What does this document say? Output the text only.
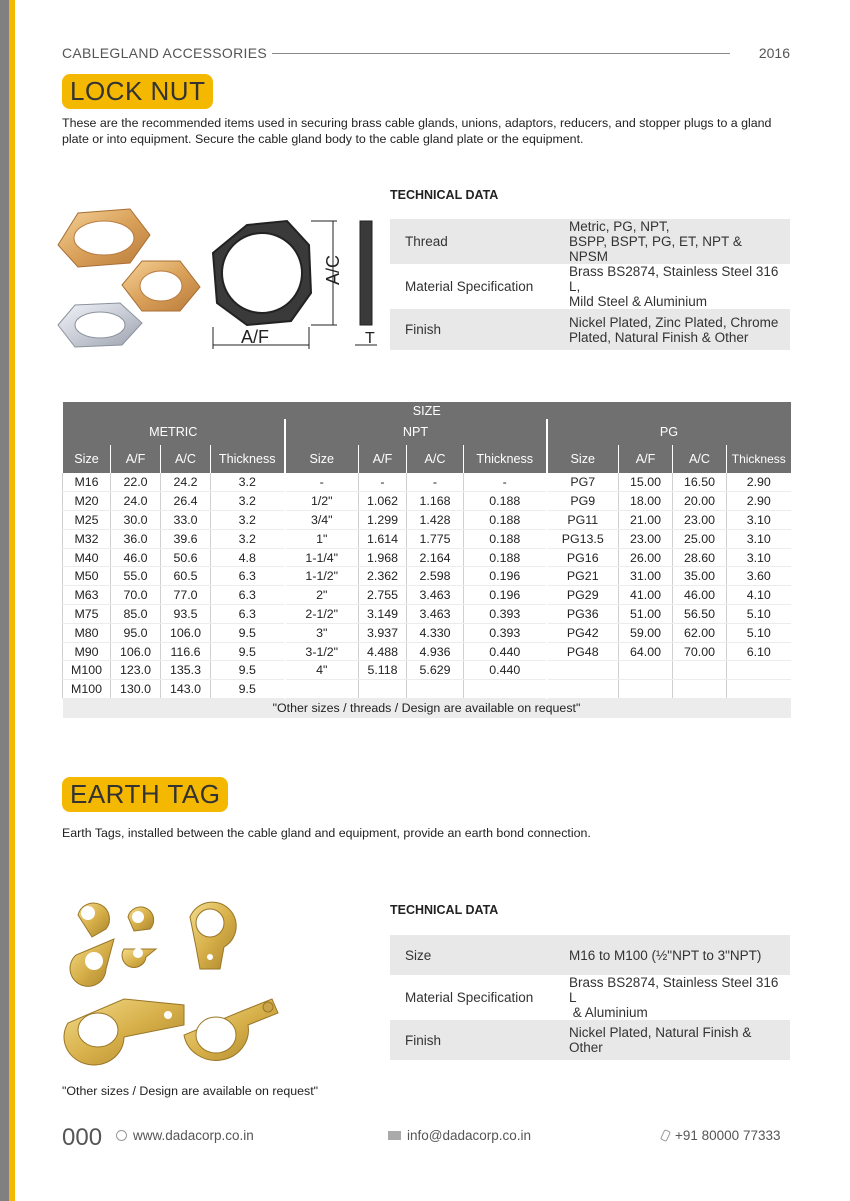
CABLEGLAND ACCESSORIES	2016
LOCK NUT
These are the recommended items used in securing brass cable glands, unions, adaptors, reducers, and stopper plugs to a gland plate or into equipment. Secure the cable gland body to the cable gland plate or the equipment.
A/F
A/C
T
TECHNICAL DATA
Thread	Metric, PG, NPT,
BSPP, BSPT, PG, ET, NPT & NPSM

Material Specification	Brass BS2874, Stainless Steel 316 L,
Mild Steel & Aluminium

Finish	Nickel Plated, Zinc Plated, Chrome
Plated, Natural Finish & Other
SIZE											
METRIC				NPT				PG			
Size	A/F	A/C	Thickness	Size	A/F	A/C	Thickness	Size	A/F	A/C	Thickness
M16	22.0	24.2	3.2	-	-	-	-	PG7	15.00	16.50	2.90
M20	24.0	26.4	3.2	1/2"	1.062	1.168	0.188	PG9	18.00	20.00	2.90
M25	30.0	33.0	3.2	3/4"	1.299	1.428	0.188	PG11	21.00	23.00	3.10
M32	36.0	39.6	3.2	1"	1.614	1.775	0.188	PG13.5	23.00	25.00	3.10
M40	46.0	50.6	4.8	1-1/4"	1.968	2.164	0.188	PG16	26.00	28.60	3.10
M50	55.0	60.5	6.3	1-1/2"	2.362	2.598	0.196	PG21	31.00	35.00	3.60
M63	70.0	77.0	6.3	2"	2.755	3.463	0.196	PG29	41.00	46.00	4.10
M75	85.0	93.5	6.3	2-1/2"	3.149	3.463	0.393	PG36	51.00	56.50	5.10
M80	95.0	106.0	9.5	3"	3.937	4.330	0.393	PG42	59.00	62.00	5.10
M90	106.0	116.6	9.5	3-1/2"	4.488	4.936	0.440	PG48	64.00	70.00	6.10
M100	123.0	135.3	9.5	4"	5.118	5.629	0.440				
M100	130.0	143.0	9.5								
"Other sizes / threads / Design are available on request"											
EARTH TAG
Earth Tags, installed between the cable gland and equipment, provide an earth bond connection.
TECHNICAL DATA
Size	M16 to M100 (½"NPT to 3"NPT)

Material Specification	Brass BS2874, Stainless Steel 316 L
& Aluminium

Finish	Nickel Plated, Natural Finish & Other
"Other sizes / Design are available on request"
000	www.dadacorp.co.in	info@dadacorp.co.in	+91 80000 77333
